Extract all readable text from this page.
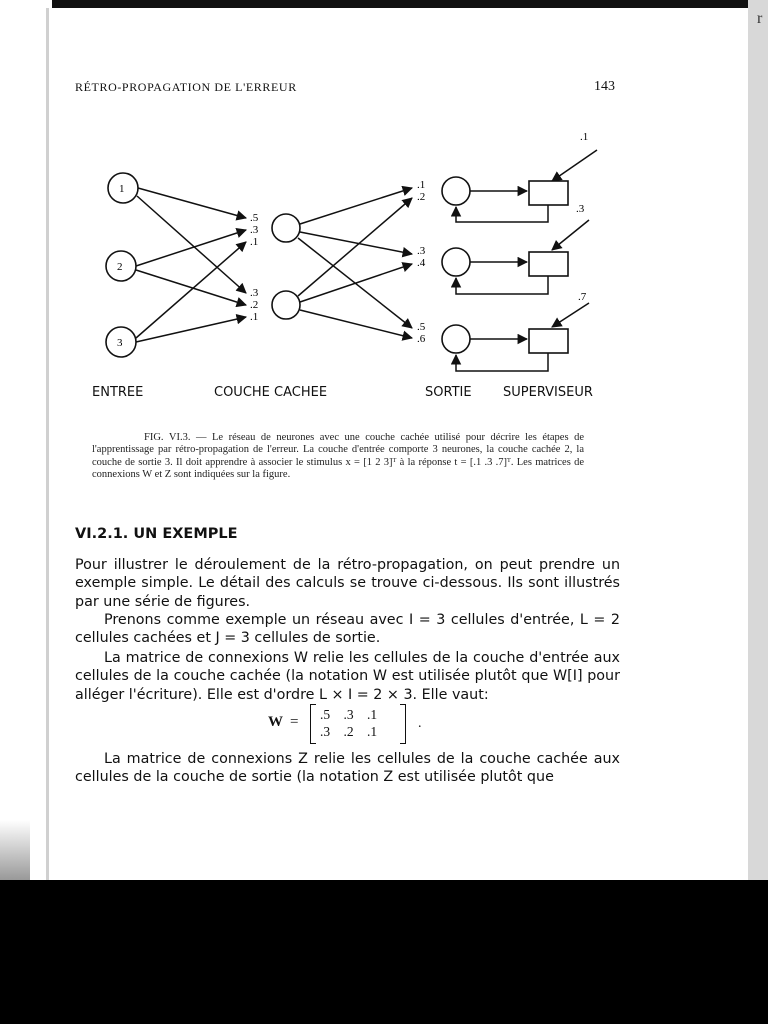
r
RÉTRO-PROPAGATION DE L'ERREUR	143
1
2
3
.5
.3
.1
.3
.2
.1
.1
.2
.3
.4
.5
.6
.1
.3
.7
ENTREE	COUCHE CACHEE	SORTIE SUPERVISEUR

FIG. VI.3. — Le réseau de neurones avec une couche cachée utilisé pour décrire les étapes de l'apprentissage par rétro-propagation de l'erreur. La couche d'entrée comporte 3 neurones, la couche cachée 2, la couche de sortie 3. Il doit apprendre à associer le stimulus x = [1 2 3]ᵀ à la réponse t = [.1 .3 .7]ᵀ. Les matrices de connexions W et Z sont indiquées sur la figure.

VI.2.1. UN EXEMPLE

Pour illustrer le déroulement de la rétro-propagation, on peut prendre un exemple simple. Le détail des calculs se trouve ci-dessous. Ils sont illustrés par une série de figures.

Prenons comme exemple un réseau avec I = 3 cellules d'entrée, L = 2 cellules cachées et J = 3 cellules de sortie.

La matrice de connexions W relie les cellules de la couche d'entrée aux cellules de la couche cachée (la notation W est utilisée plutôt que W[I] pour alléger l'écriture). Elle est d'ordre L × I = 2 × 3. Elle vaut:

W = .5 .3 .1
.3 .2 .1
.

La matrice de connexions Z relie les cellules de la couche cachée aux cellules de la couche de sortie (la notation Z est utilisée plutôt que
